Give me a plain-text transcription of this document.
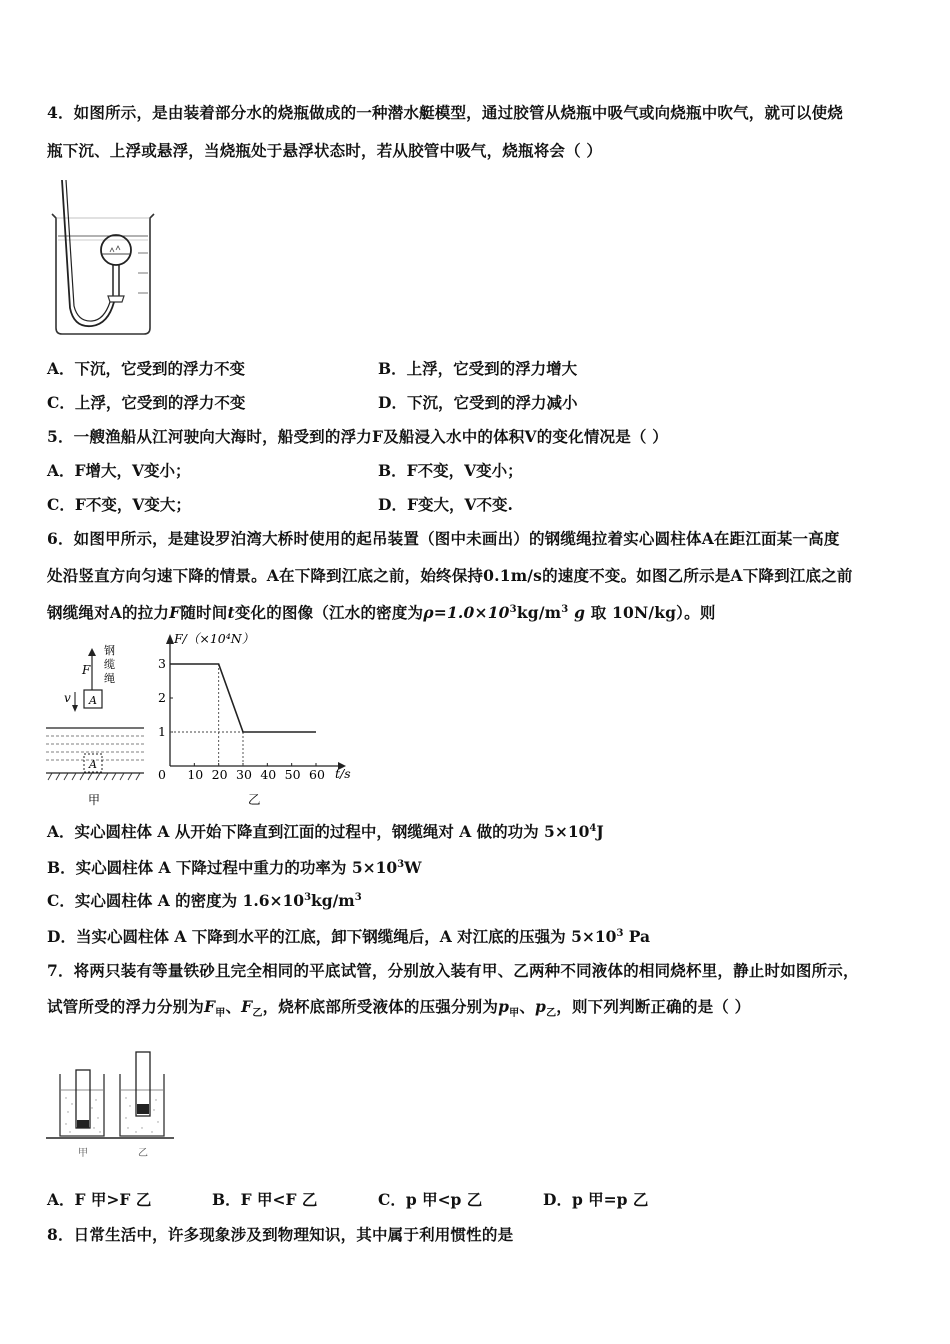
4．如图所示，是由装着部分水的烧瓶做成的一种潜水艇模型，通过胶管从烧瓶中吸气或向烧瓶中吹气，就可以使烧
瓶下沉、上浮或悬浮，当烧瓶处于悬浮状态时，若从胶管中吸气，烧瓶将会（ ）
A．下沉，它受到的浮力不变	B．上浮，它受到的浮力增大
C．上浮，它受到的浮力不变	D．下沉，它受到的浮力减小
5．一艘渔船从江河驶向大海时，船受到的浮力F及船浸入水中的体积V的变化情况是（ ）
A．F增大，V变小；	B．F不变，V变小；
C．F不变，V变大；	D．F变大，V不变.
6．如图甲所示，是建设罗泊湾大桥时使用的起吊装置（图中未画出）的钢缆绳拉着实心圆柱体A在距江面某一高度
处沿竖直方向匀速下降的情景。A在下降到江底之前，始终保持0.1m/s的速度不变。如图乙所示是A下降到江底之前
钢缆绳对A的拉力F随时间t变化的图像（江水的密度为$\rho=1.0\times 10^3kg/m^3$ g 取 10N/kg）。则
钢
缆
绳
F
A
v
A
甲
0 10 20 30 40 50 60
1
2
3
F/（×10⁴N）
t/s
乙
A．实心圆柱体 A 从开始下降直到江面的过程中，钢缆绳对 A 做的功为 $5\times 10^4J$
B．实心圆柱体 A 下降过程中重力的功率为 $5\times 10^3W$
C．实心圆柱体 A 的密度为 $1.6\times 10^3kg/m^3$
D．当实心圆柱体 A 下降到水平的江底，卸下钢缆绳后，A 对江底的压强为 $5\times 10^3$ Pa
7．将两只装有等量铁砂且完全相同的平底试管，分别放入装有甲、乙两种不同液体的相同烧杯里，静止时如图所示，
试管所受的浮力分别为$F_甲$、$F_乙$，烧杯底部所受液体的压强分别为$p_甲$、$p_乙$，则下列判断正确的是（ ）
甲	乙
A．F 甲>F 乙	B．F 甲<F 乙	C．p 甲<p 乙	D．p 甲=p 乙
8．日常生活中，许多现象涉及到物理知识，其中属于利用惯性的是
